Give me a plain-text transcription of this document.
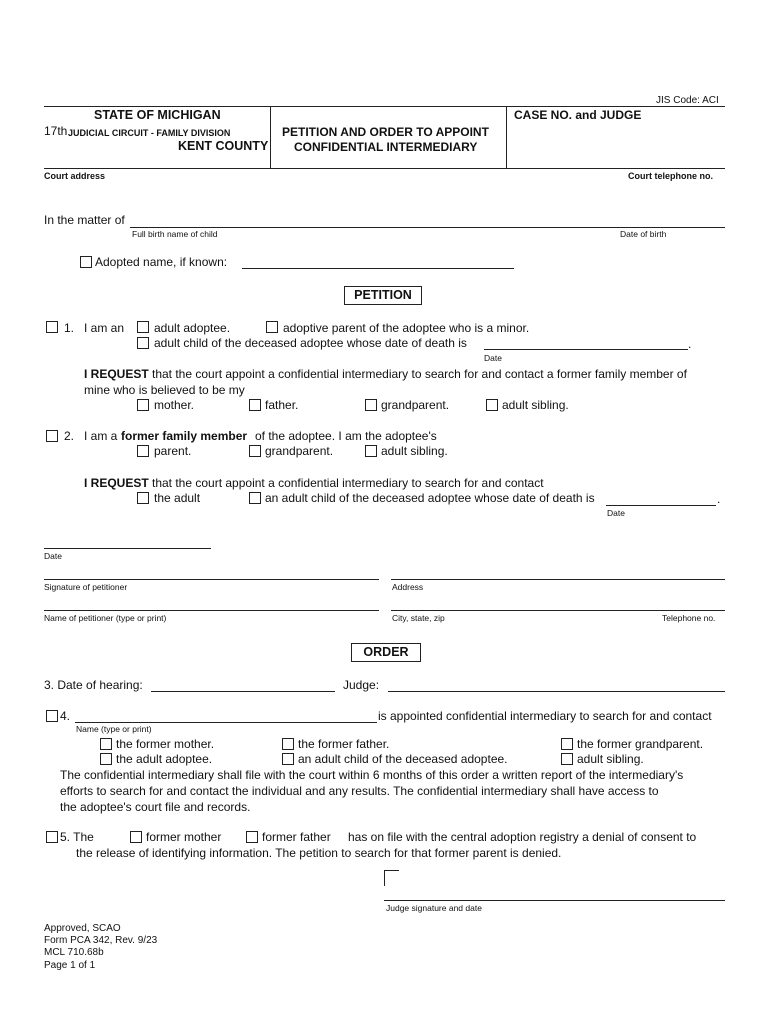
JIS Code: ACI
STATE OF MICHIGAN
17th JUDICIAL CIRCUIT - FAMILY DIVISION
KENT COUNTY
PETITION AND ORDER TO APPOINT
CONFIDENTIAL INTERMEDIARY
CASE NO. and JUDGE
Court address	Court telephone no.
In the matter of
Full birth name of child	Date of birth
Adopted name, if known:
PETITION
1. I am an adult adoptee.	adoptive parent of the adoptee who is a minor.
adult child of the deceased adoptee whose date of death is	.
Date
I REQUEST that the court appoint a confidential intermediary to search for and contact a former family member of
mine who is believed to be my
mother.	father.	grandparent.	adult sibling.
2. I am a former family member of the adoptee. I am the adoptee's
parent.	grandparent.	adult sibling.
I REQUEST that the court appoint a confidential intermediary to search for and contact
the adult	an adult child of the deceased adoptee whose date of death is	.
Date
Date
Signature of petitioner	Address
Name of petitioner (type or print)	City, state, zip	Telephone no.
ORDER
3. Date of hearing:	Judge:
4.	is appointed confidential intermediary to search for and contact
Name (type or print)
the former mother.	the former father.	the former grandparent.
the adult adoptee.	an adult child of the deceased adoptee.	adult sibling.
The confidential intermediary shall file with the court within 6 months of this order a written report of the intermediary's
efforts to search for and contact the individual and any results. The confidential intermediary shall have access to
the adoptee's court file and records.
5. The	former mother	former father has on file with the central adoption registry a denial of consent to
the release of identifying information. The petition to search for that former parent is denied.
Judge signature and date
Approved, SCAO
Form PCA 342, Rev. 9/23
MCL 710.68b
Page 1 of 1
